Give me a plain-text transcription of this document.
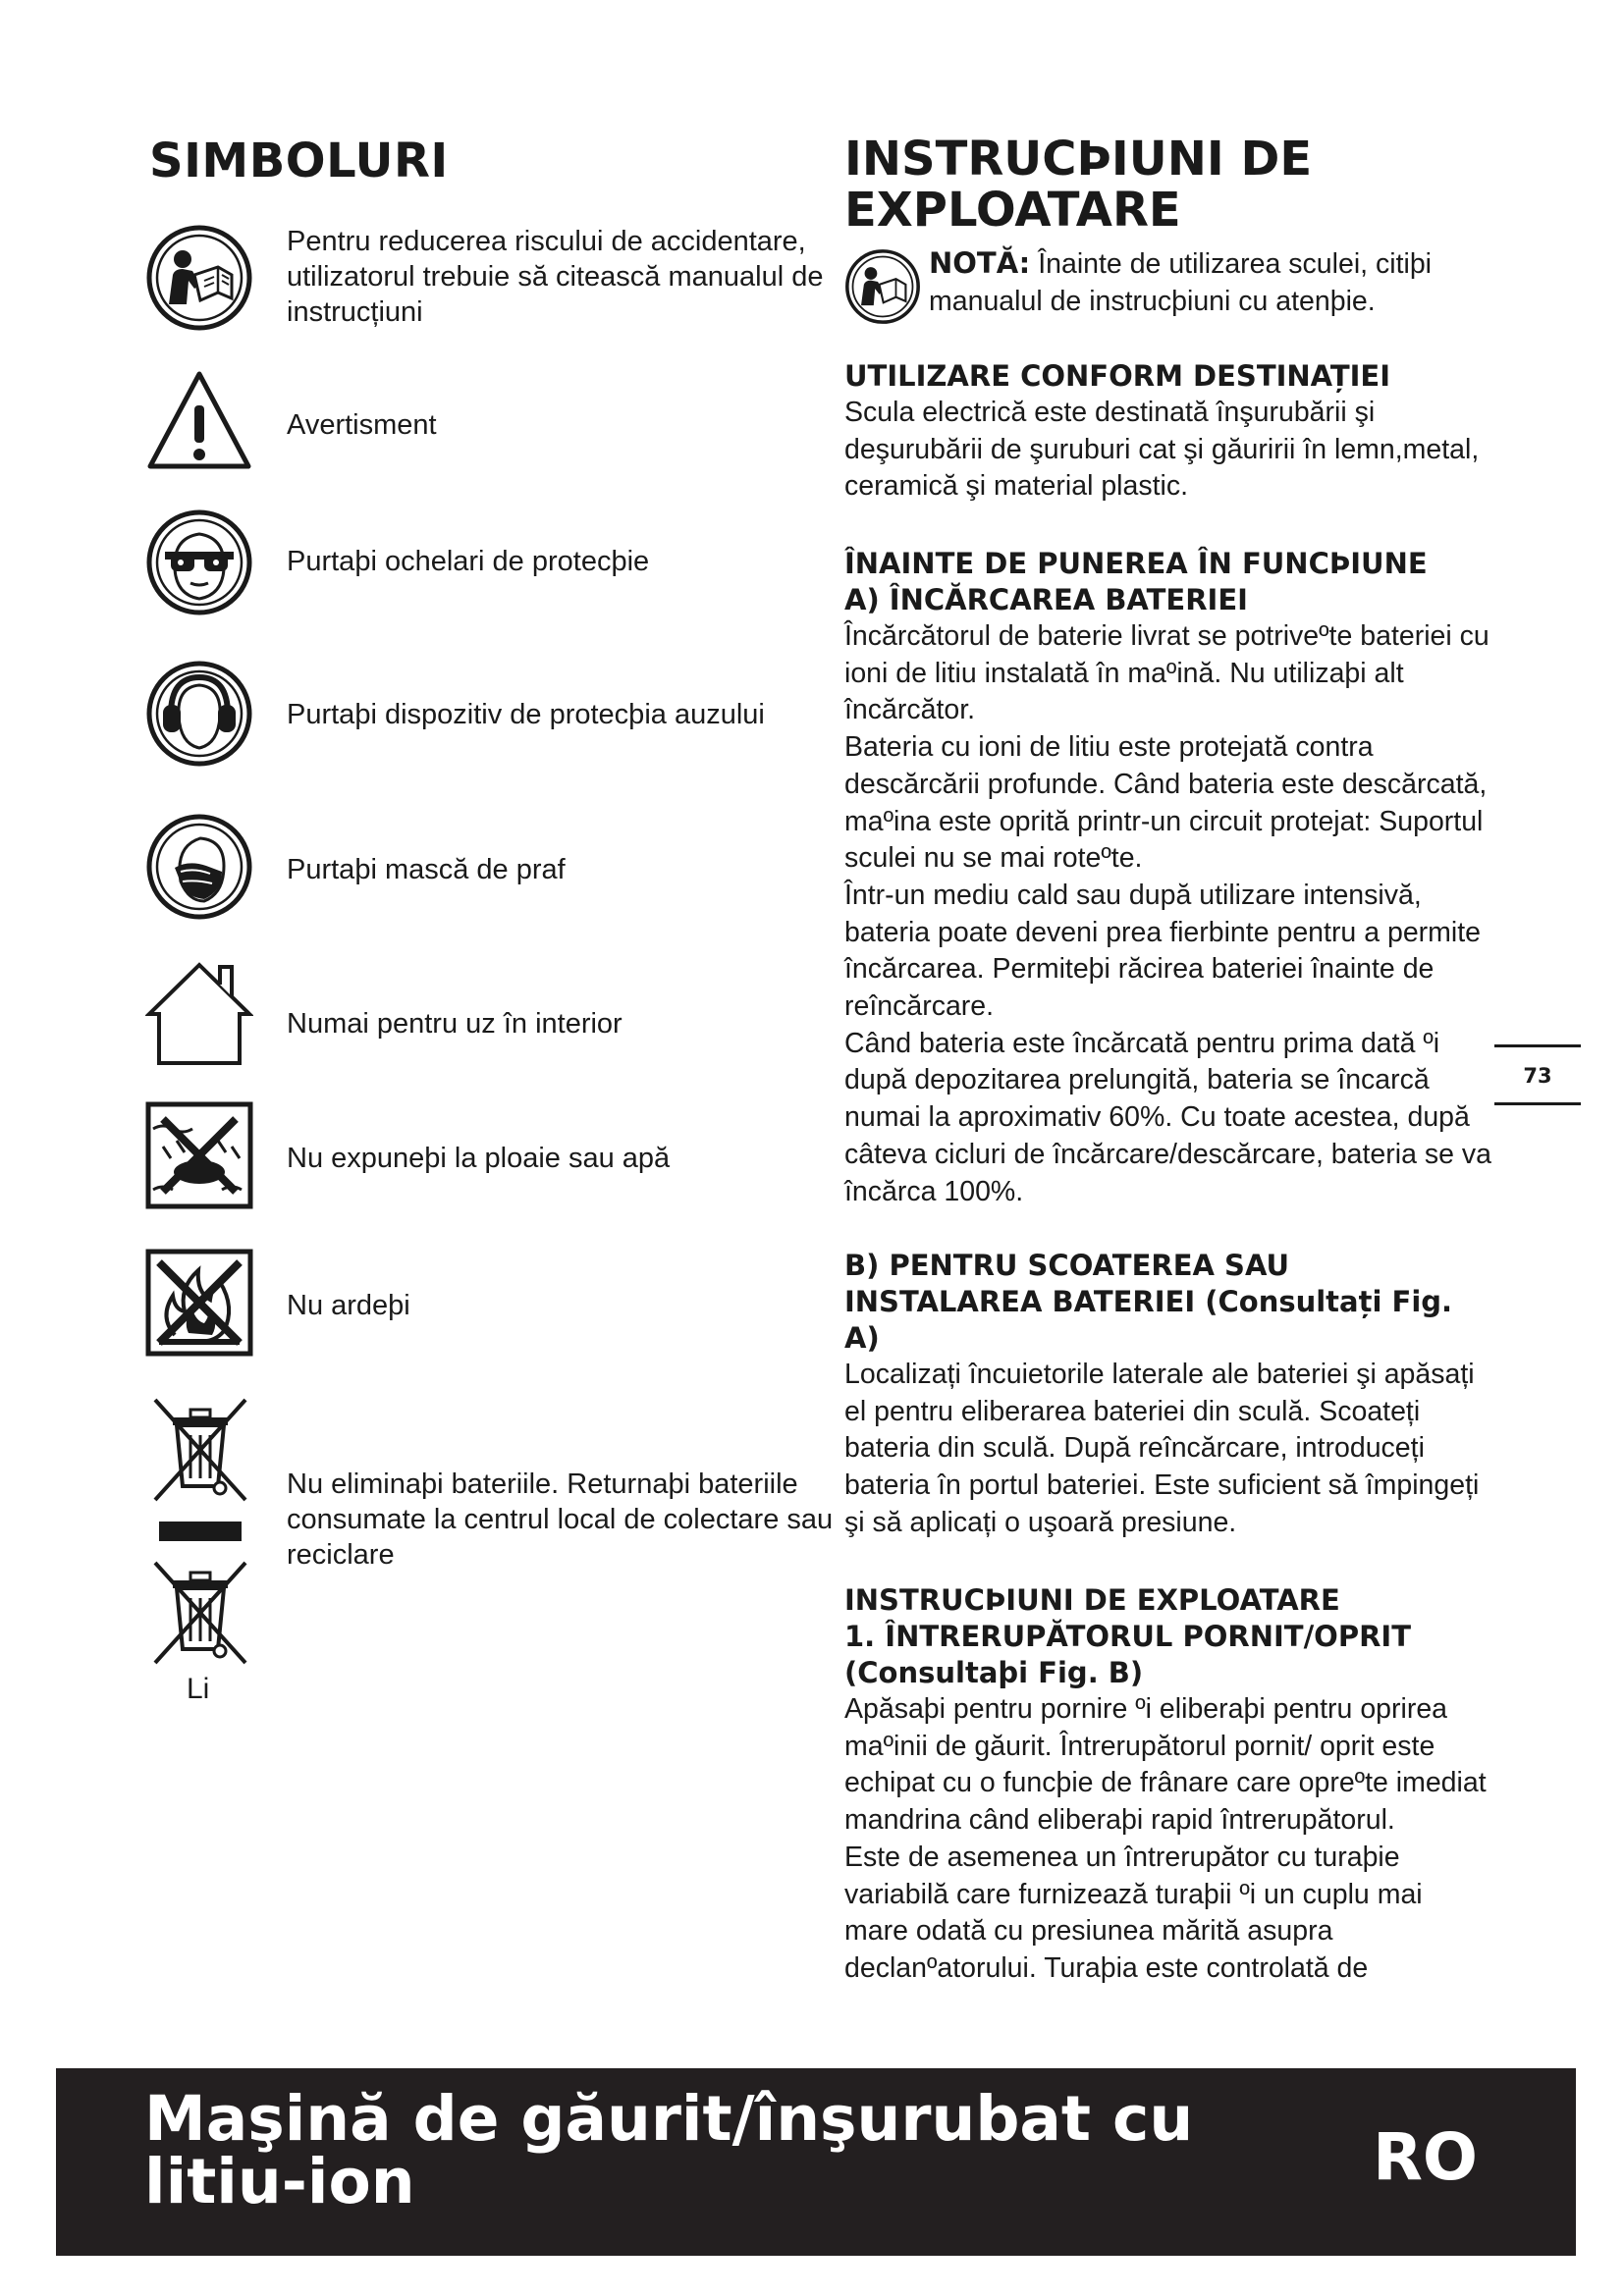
SIMBOLURI
Pentru reducerea riscului de accidentare, utilizatorul trebuie să citească manualul de instrucțiuni
Avertisment
Purtaþi ochelari de protecþie
Purtaþi dispozitiv de protecþia auzului
Purtaþi mască de praf
Numai pentru uz în interior
Nu expuneþi la ploaie sau apă
Nu ardeþi
Li
Nu eliminaþi bateriile. Returnaþi bateriile consumate la centrul local de colectare sau reciclare
INSTRUCÞIUNI DE EXPLOATARE
NOTĂ: Înainte de utilizarea sculei, citiþi manualul de instrucþiuni cu atenþie.
UTILIZARE CONFORM DESTINAȚIEI

Scula electrică este destinată înşurubării şi deşurubării de şuruburi cat şi găuririi în lemn,metal, ceramică şi material plastic.

ÎNAINTE DE PUNEREA ÎN FUNCÞIUNE
A) ÎNCĂRCAREA BATERIEI

Încărcătorul de baterie livrat se potriveºte bateriei cu ioni de litiu instalată în maºină. Nu utilizaþi alt încărcător.

Bateria cu ioni de litiu este protejată contra descărcării profunde. Când bateria este descărcată, maºina este oprită printr-un circuit protejat: Suportul sculei nu se mai roteºte.

Într-un mediu cald sau după utilizare intensivă, bateria poate deveni prea fierbinte pentru a permite încărcarea. Permiteþi răcirea bateriei înainte de reîncărcare.

Când bateria este încărcată pentru prima dată ºi după depozitarea prelungită, bateria se încarcă numai la aproximativ 60%. Cu toate acestea, după câteva cicluri de încărcare/descărcare, bateria se va încărca 100%.

B) PENTRU SCOATEREA SAU INSTALAREA BATERIEI (Consultați Fig. A)

Localizați încuietorile laterale ale bateriei şi apăsați el pentru eliberarea bateriei din sculă. Scoateți bateria din sculă. După reîncărcare, introduceți bateria în portul bateriei. Este suficient să împingeți şi să aplicați o uşoară presiune.

INSTRUCÞIUNI DE EXPLOATARE
1. ÎNTRERUPĂTORUL PORNIT/OPRIT (Consultaþi Fig. B)

Apăsaþi pentru pornire ºi eliberaþi pentru oprirea maºinii de găurit. Întrerupătorul pornit/ oprit este echipat cu o funcþie de frânare care opreºte imediat mandrina când eliberaþi rapid întrerupătorul.

Este de asemenea un întrerupător cu turaþie variabilă care furnizează turaþii ºi un cuplu mai mare odată cu presiunea mărită asupra declanºatorului. Turaþia este controlată de

73
Maşină de găurit/înşurubat cu litiu-ion	RO
